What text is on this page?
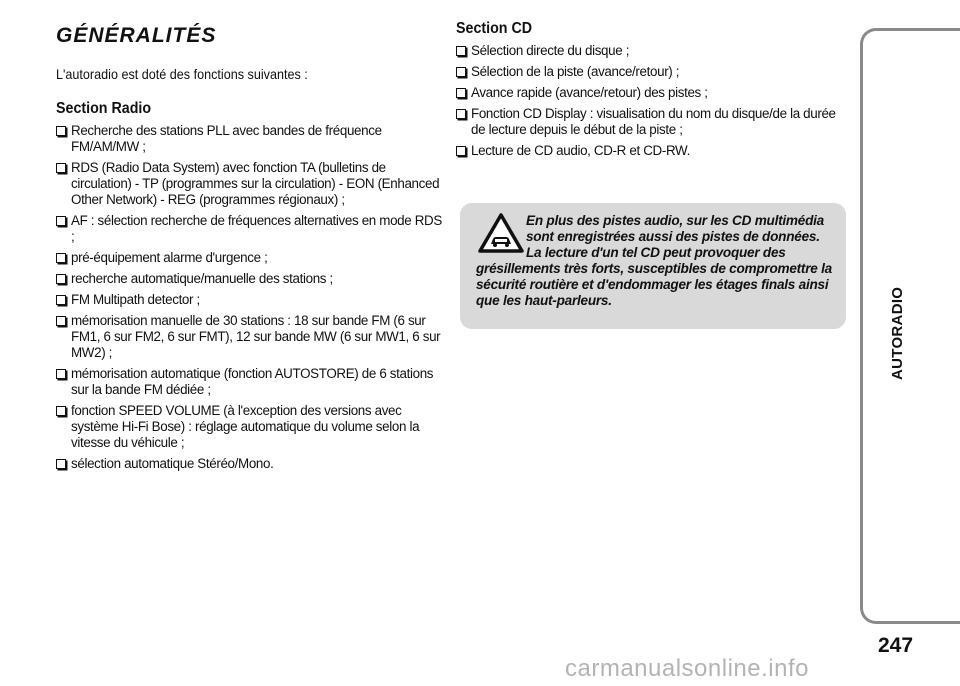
GÉNÉRALITÉS
L'autoradio est doté des fonctions suivantes :
Section Radio
Recherche des stations PLL avec bandes de fréquence FM/AM/MW ;
RDS (Radio Data System) avec fonction TA (bulletins de circulation) - TP (programmes sur la circulation) - EON (Enhanced Other Network) - REG (programmes régionaux) ;
AF : sélection recherche de fréquences alternatives en mode RDS ;
pré-équipement alarme d'urgence ;
recherche automatique/manuelle des stations ;
FM Multipath detector ;
mémorisation manuelle de 30 stations : 18 sur bande FM (6 sur FM1, 6 sur FM2, 6 sur FMT), 12 sur bande MW (6 sur MW1, 6 sur MW2) ;
mémorisation automatique (fonction AUTOSTORE) de 6 stations sur la bande FM dédiée ;
fonction SPEED VOLUME (à l'exception des versions avec système Hi-Fi Bose) : réglage automatique du volume selon la vitesse du véhicule ;
sélection automatique Stéréo/Mono.
Section CD
Sélection directe du disque ;
Sélection de la piste (avance/retour) ;
Avance rapide (avance/retour) des pistes ;
Fonction CD Display : visualisation du nom du disque/de la durée de lecture depuis le début de la piste ;
Lecture de CD audio, CD-R et CD-RW.
En plus des pistes audio, sur les CD multimédia sont enregistrées aussi des pistes de données. La lecture d'un tel CD peut provoquer des grésillements très forts, susceptibles de compromettre la sécurité routière et d'endommager les étages finals ainsi que les haut-parleurs.	AUTORADIO
247
carmanualsonline.info
